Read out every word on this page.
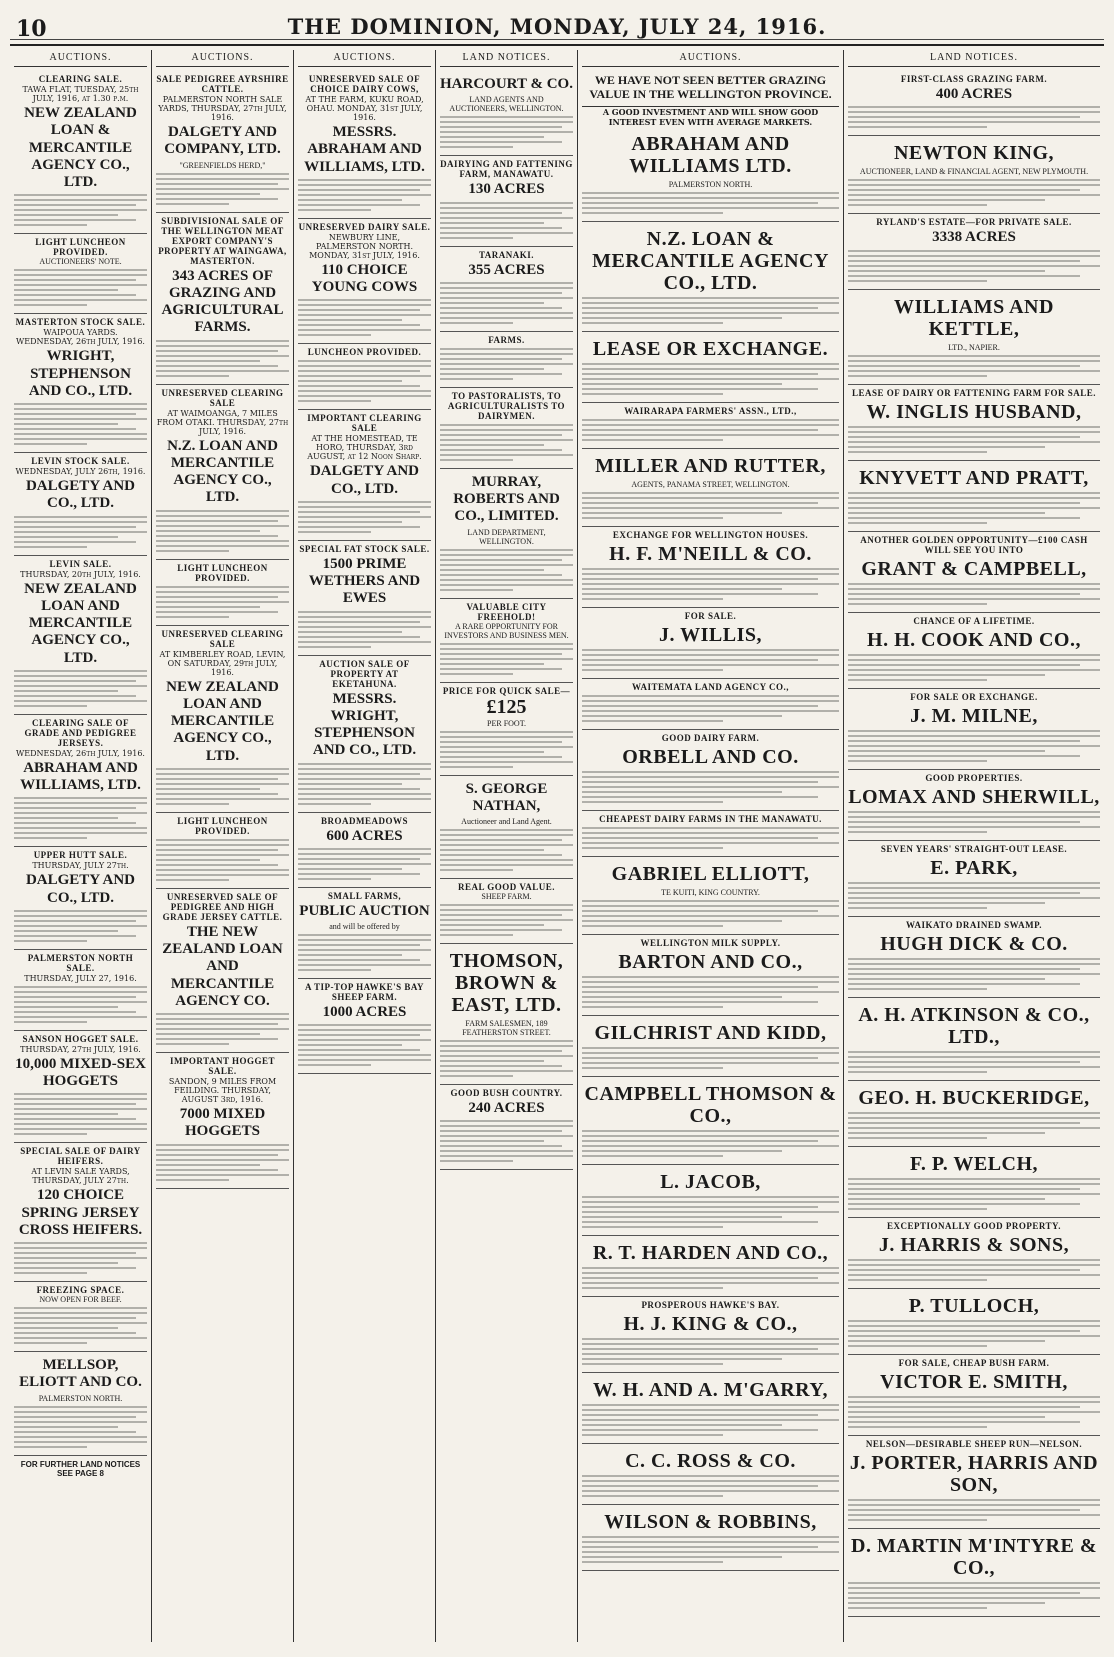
10	THE DOMINION, MONDAY, JULY 24, 1916.
AUCTIONS.
CLEARING SALE.
TAWA FLAT, TUESDAY, 25th JULY, 1916, at 1.30 p.m.
NEW ZEALAND LOAN & MERCANTILE AGENCY CO., LTD.
LIGHT LUNCHEON PROVIDED.
AUCTIONEERS' NOTE.
MASTERTON STOCK SALE.
WAIPOUA YARDS. WEDNESDAY, 26th JULY, 1916.
WRIGHT, STEPHENSON AND CO., LTD.
LEVIN STOCK SALE.
WEDNESDAY, JULY 26th, 1916.
DALGETY AND CO., LTD.
LEVIN SALE.
THURSDAY, 20th JULY, 1916.
NEW ZEALAND LOAN AND MERCANTILE AGENCY CO., LTD.
CLEARING SALE OF GRADE AND PEDIGREE JERSEYS.
WEDNESDAY, 26th JULY, 1916.
ABRAHAM AND WILLIAMS, LTD.
UPPER HUTT SALE.
THURSDAY, JULY 27th.
DALGETY AND CO., LTD.
PALMERSTON NORTH SALE.
THURSDAY, JULY 27, 1916.
SANSON HOGGET SALE.
THURSDAY, 27th JULY, 1916.
10,000 MIXED-SEX HOGGETS
SPECIAL SALE OF DAIRY HEIFERS.
AT LEVIN SALE YARDS, THURSDAY, JULY 27th.
120 CHOICE SPRING JERSEY CROSS HEIFERS.
FREEZING SPACE.
NOW OPEN FOR BEEF.
MELLSOP, ELIOTT AND CO.
PALMERSTON NORTH.
FOR FURTHER LAND NOTICES SEE PAGE 8
AUCTIONS.
SALE PEDIGREE AYRSHIRE CATTLE.
PALMERSTON NORTH SALE YARDS, THURSDAY, 27th JULY, 1916.
DALGETY AND COMPANY, LTD.
"GREENFIELDS HERD,"
SUBDIVISIONAL SALE OF THE WELLINGTON MEAT EXPORT COMPANY'S PROPERTY AT WAINGAWA, MASTERTON.
343 ACRES OF GRAZING AND AGRICULTURAL FARMS.
UNRESERVED CLEARING SALE
AT WAIMOANGA, 7 MILES FROM OTAKI. THURSDAY, 27th JULY, 1916.
N.Z. LOAN AND MERCANTILE AGENCY CO., LTD.
LIGHT LUNCHEON PROVIDED.
UNRESERVED CLEARING SALE
AT KIMBERLEY ROAD, LEVIN, ON SATURDAY, 29th JULY, 1916.
NEW ZEALAND LOAN AND MERCANTILE AGENCY CO., LTD.
LIGHT LUNCHEON PROVIDED.
UNRESERVED SALE OF PEDIGREE AND HIGH GRADE JERSEY CATTLE.
THE NEW ZEALAND LOAN AND MERCANTILE AGENCY CO.
IMPORTANT HOGGET SALE.
SANDON, 9 MILES FROM FEILDING. THURSDAY, AUGUST 3rd, 1916.
7000 MIXED HOGGETS
AUCTIONS.
UNRESERVED SALE OF CHOICE DAIRY COWS,
AT THE FARM, KUKU ROAD, OHAU. MONDAY, 31st JULY, 1916.
MESSRS. ABRAHAM AND WILLIAMS, LTD.
UNRESERVED DAIRY SALE.
NEWBURY LINE, PALMERSTON NORTH. MONDAY, 31st JULY, 1916.
110 CHOICE YOUNG COWS
LUNCHEON PROVIDED.
IMPORTANT CLEARING SALE
AT THE HOMESTEAD, TE HORO, THURSDAY, 3rd AUGUST, at 12 Noon Sharp.
DALGETY AND CO., LTD.
SPECIAL FAT STOCK SALE.
1500 PRIME WETHERS AND EWES
AUCTION SALE OF PROPERTY AT EKETAHUNA.
MESSRS. WRIGHT, STEPHENSON AND CO., LTD.
BROADMEADOWS
600 ACRES
SMALL FARMS,
PUBLIC AUCTION
and will be offered by
A TIP-TOP HAWKE'S BAY SHEEP FARM.
1000 ACRES
LAND NOTICES.
HARCOURT & CO.
LAND AGENTS AND AUCTIONEERS, WELLINGTON.
DAIRYING AND FATTENING FARM, MANAWATU.
130 ACRES
TARANAKI.
355 ACRES
FARMS.
TO PASTORALISTS, TO AGRICULTURALISTS TO DAIRYMEN.
MURRAY, ROBERTS AND CO., LIMITED.
LAND DEPARTMENT, WELLINGTON.
VALUABLE CITY FREEHOLD!
A RARE OPPORTUNITY FOR INVESTORS AND BUSINESS MEN.
PRICE FOR QUICK SALE—
£125
PER FOOT.
S. GEORGE NATHAN,
Auctioneer and Land Agent.
REAL GOOD VALUE.
SHEEP FARM.
THOMSON, BROWN & EAST, LTD.
FARM SALESMEN, 189 FEATHERSTON STREET.
GOOD BUSH COUNTRY.
240 ACRES
AUCTIONS.
WE HAVE NOT SEEN BETTER GRAZING VALUE IN THE WELLINGTON PROVINCE.
A GOOD INVESTMENT AND WILL SHOW GOOD INTEREST EVEN WITH AVERAGE MARKETS.
ABRAHAM AND WILLIAMS LTD.
PALMERSTON NORTH.
N.Z. LOAN & MERCANTILE AGENCY CO., LTD.
LEASE OR EXCHANGE.
WAIRARAPA FARMERS' ASSN., LTD.,
MILLER AND RUTTER,
AGENTS, PANAMA STREET, WELLINGTON.
EXCHANGE FOR WELLINGTON HOUSES.
H. F. M'NEILL & CO.
FOR SALE.
J. WILLIS,
WAITEMATA LAND AGENCY CO.,
GOOD DAIRY FARM.
ORBELL AND CO.
CHEAPEST DAIRY FARMS IN THE MANAWATU.
GABRIEL ELLIOTT,
TE KUITI, KING COUNTRY.
WELLINGTON MILK SUPPLY.
BARTON AND CO.,
GILCHRIST AND KIDD,
CAMPBELL THOMSON & CO.,
L. JACOB,
R. T. HARDEN AND CO.,
PROSPEROUS HAWKE'S BAY.
H. J. KING & CO.,
W. H. AND A. M'GARRY,
C. C. ROSS & CO.
WILSON & ROBBINS,
LAND NOTICES.
FIRST-CLASS GRAZING FARM.
400 ACRES
NEWTON KING,
AUCTIONEER, LAND & FINANCIAL AGENT, NEW PLYMOUTH.
RYLAND'S ESTATE—FOR PRIVATE SALE.
3338 ACRES
WILLIAMS AND KETTLE,
LTD., NAPIER.
LEASE OF DAIRY OR FATTENING FARM FOR SALE.
W. INGLIS HUSBAND,
KNYVETT AND PRATT,
ANOTHER GOLDEN OPPORTUNITY—£100 CASH WILL SEE YOU INTO
GRANT & CAMPBELL,
CHANCE OF A LIFETIME.
H. H. COOK AND CO.,
FOR SALE OR EXCHANGE.
J. M. MILNE,
GOOD PROPERTIES.
LOMAX AND SHERWILL,
SEVEN YEARS' STRAIGHT-OUT LEASE.
E. PARK,
WAIKATO DRAINED SWAMP.
HUGH DICK & CO.
A. H. ATKINSON & CO., LTD.,
GEO. H. BUCKERIDGE,
F. P. WELCH,
EXCEPTIONALLY GOOD PROPERTY.
J. HARRIS & SONS,
P. TULLOCH,
FOR SALE, CHEAP BUSH FARM.
VICTOR E. SMITH,
NELSON—DESIRABLE SHEEP RUN—NELSON.
J. PORTER, HARRIS AND SON,
D. MARTIN M'INTYRE & CO.,
